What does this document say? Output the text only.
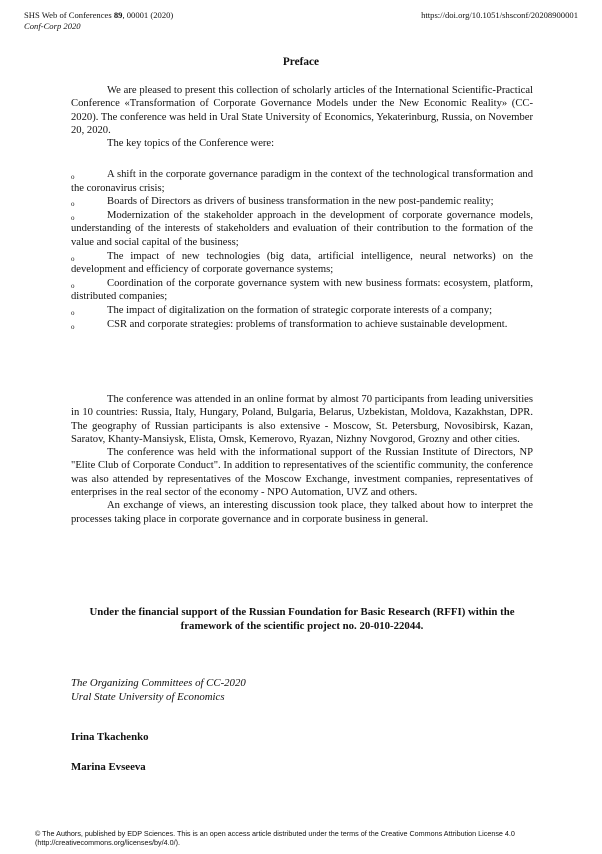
SHS Web of Conferences 89, 00001 (2020)	https://doi.org/10.1051/shsconf/20208900001
Conf-Corp 2020
Preface

We are pleased to present this collection of scholarly articles of the International Scientific-Practical Conference «Transformation of Corporate Governance Models under the New Economic Reality» (CC-2020). The conference was held in Ural State University of Economics, Yekaterinburg, Russia, on November 20, 2020.

The key topics of the Conference were:

o	A shift in the corporate governance paradigm in the context of the technological transformation and the coronavirus crisis;

o	Boards of Directors as drivers of business transformation in the new post-pandemic reality;

o	Modernization of the stakeholder approach in the development of corporate governance models, understanding of the interests of stakeholders and evaluation of their contribution to the formation of the value and social capital of the business;

o	The impact of new technologies (big data, artificial intelligence, neural networks) on the development and efficiency of corporate governance systems;

o	Coordination of the corporate governance system with new business formats: ecosystem, platform, distributed companies;

o	The impact of digitalization on the formation of strategic corporate interests of a company;

o	CSR and corporate strategies: problems of transformation to achieve sustainable development.

The conference was attended in an online format by almost 70 participants from leading universities in 10 countries: Russia, Italy, Hungary, Poland, Bulgaria, Belarus, Uzbekistan, Moldova, Kazakhstan, DPR. The geography of Russian participants is also extensive - Moscow, St. Petersburg, Novosibirsk, Kazan, Saratov, Khanty-Mansiysk, Elista, Omsk, Kemerovo, Ryazan, Nizhny Novgorod, Grozny and other cities.

The conference was held with the informational support of the Russian Institute of Directors, NP "Elite Club of Corporate Conduct". In addition to representatives of the scientific community, the conference was also attended by representatives of the Moscow Exchange, investment companies, representatives of enterprises in the real sector of the economy - NPO Automation, UVZ and others.

An exchange of views, an interesting discussion took place, they talked about how to interpret the processes taking place in corporate governance and in corporate business in general.

Under the financial support of the Russian Foundation for Basic Research (RFFI) within the framework of the scientific project no. 20-010-22044.
The Organizing Committees of CC-2020
Ural State University of Economics
Irina Tkachenko
Marina Evseeva
© The Authors, published by EDP Sciences. This is an open access article distributed under the terms of the Creative Commons Attribution License 4.0 (http://creativecommons.org/licenses/by/4.0/).
